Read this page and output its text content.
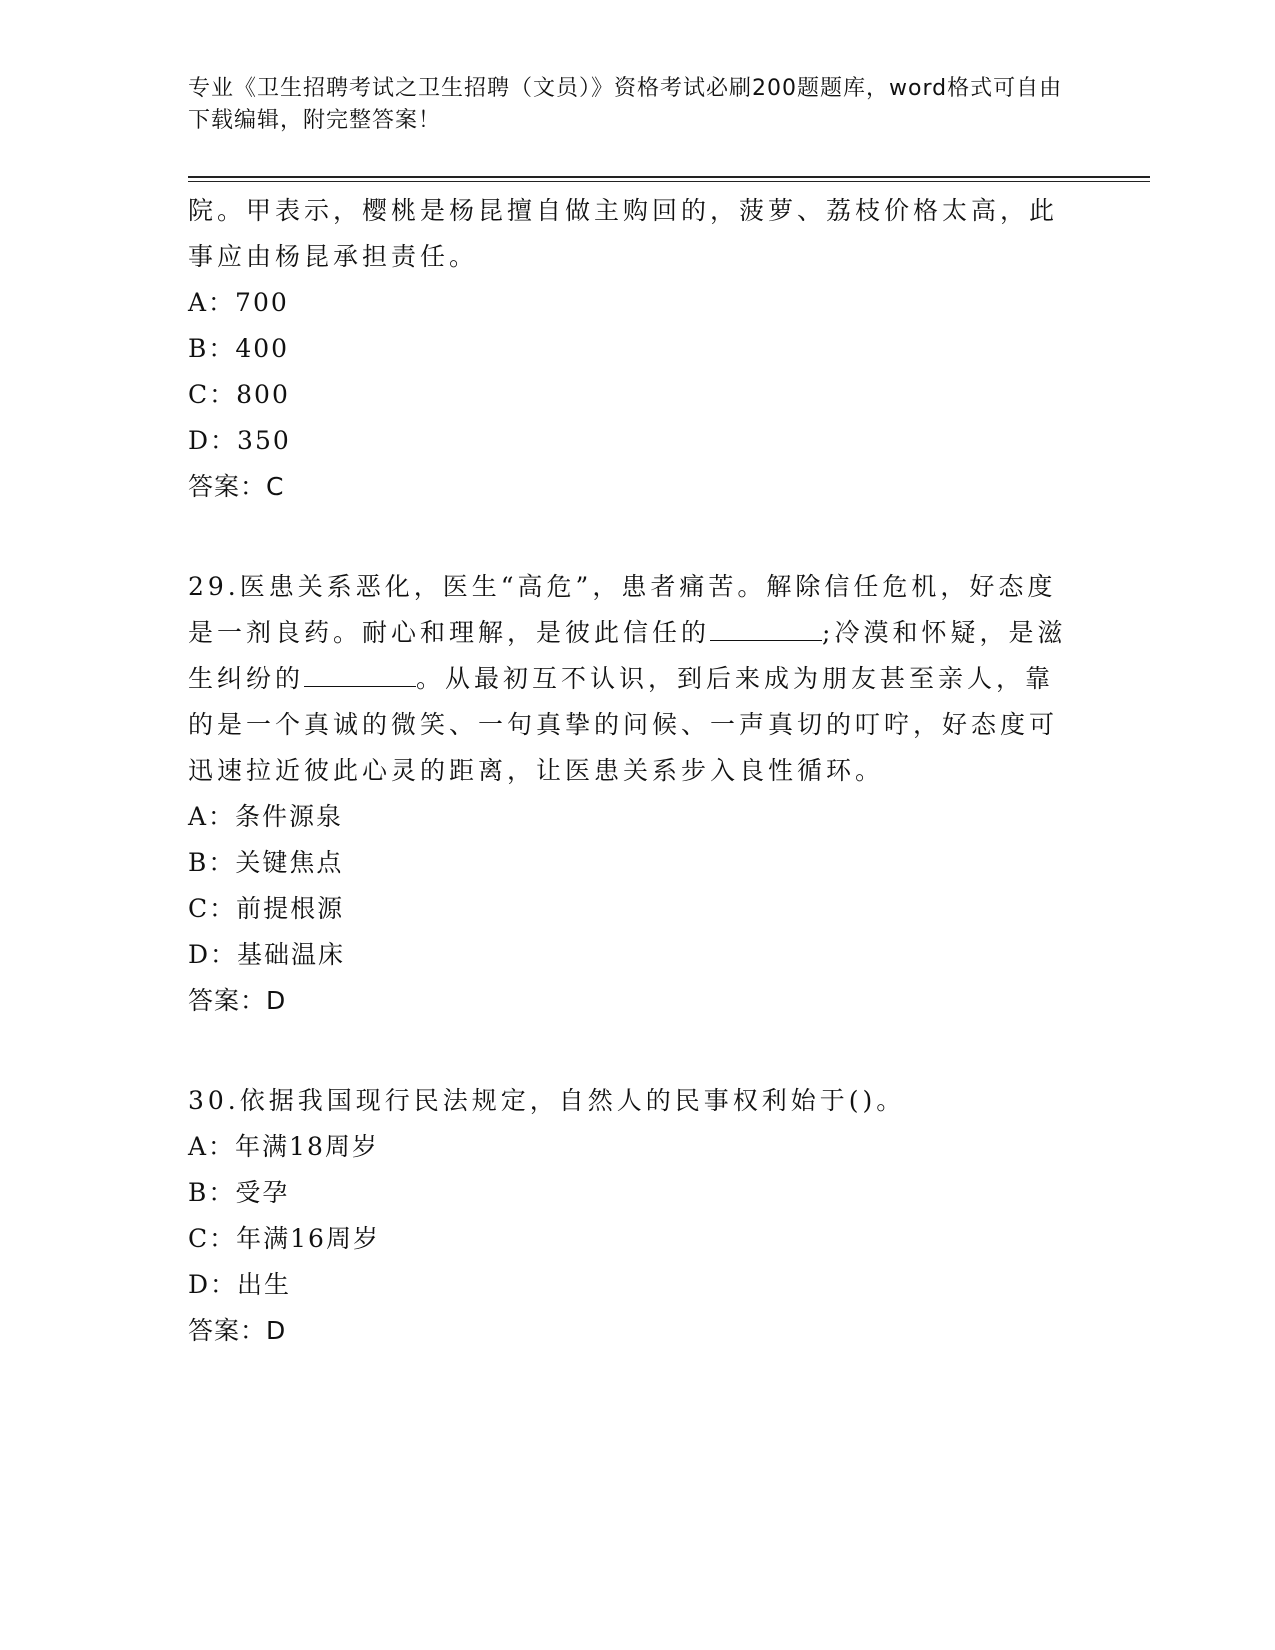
专业《卫生招聘考试之卫生招聘（文员）》资格考试必刷200题题库，word格式可自由下载编辑，附完整答案！

院。甲表示，樱桃是杨昆擅自做主购回的，菠萝、荔枝价格太高，此事应由杨昆承担责任。

A：700

B：400

C：800

D：350

答案：C

29.医患关系恶化，医生“高危”，患者痛苦。解除信任危机，好态度是一剂良药。耐心和理解，是彼此信任的	;冷漠和怀疑，是滋生纠纷的	。从最初互不认识，到后来成为朋友甚至亲人，靠的是一个真诚的微笑、一句真挚的问候、一声真切的叮咛，好态度可迅速拉近彼此心灵的距离，让医患关系步入良性循环。

A：条件源泉

B：关键焦点

C：前提根源

D：基础温床

答案：D

30.依据我国现行民法规定，自然人的民事权利始于()。

A：年满18周岁

B：受孕

C：年满16周岁

D：出生

答案：D
